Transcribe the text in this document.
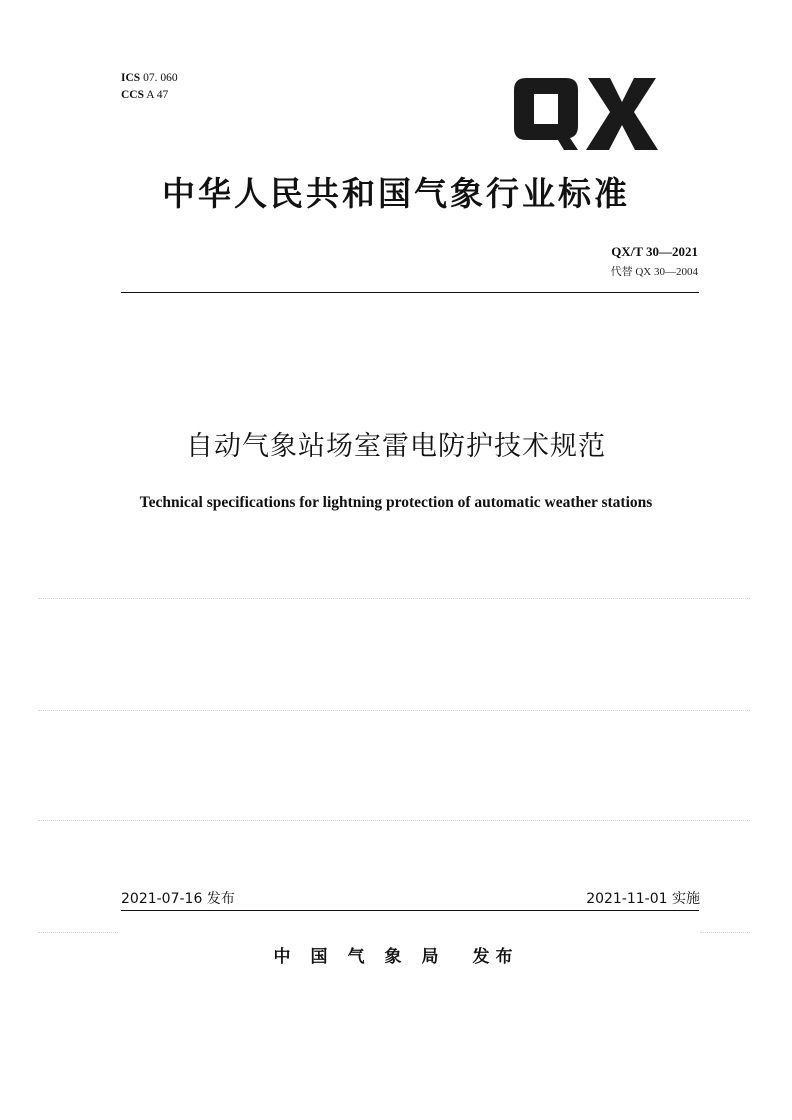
ICS 07. 060
CCS A 47
中华人民共和国气象行业标准
QX/T 30—2021
代替 QX 30—2004
自动气象站场室雷电防护技术规范
Technical specifications for lightning protection of automatic weather stations
2021-07-16 发布	2021-11-01 实施
中国气象局 发布
